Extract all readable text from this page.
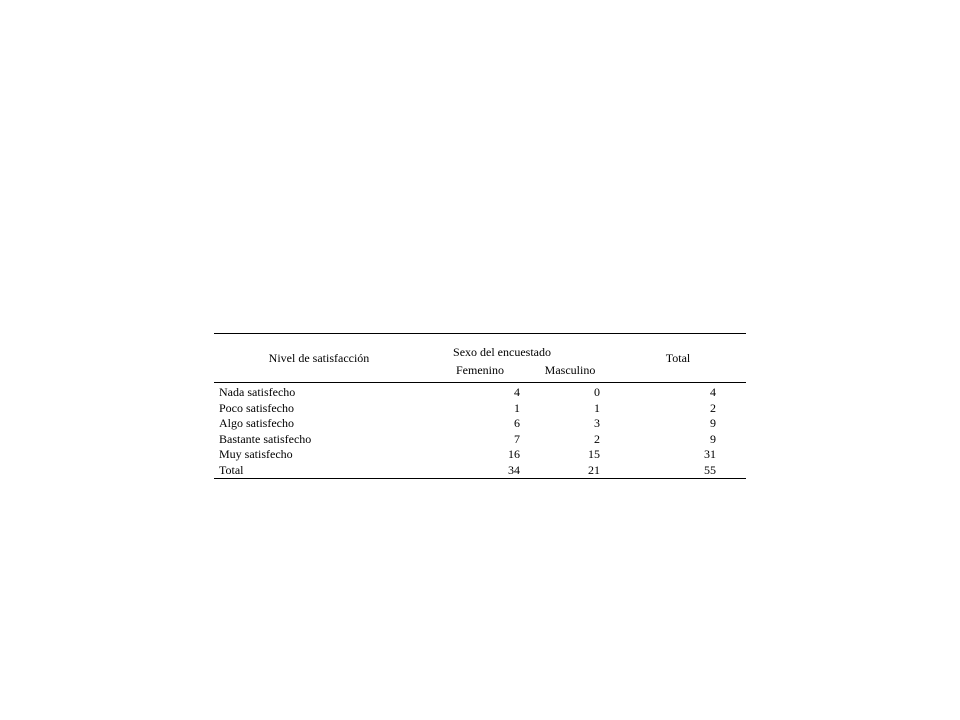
Nivel de satisfacción	Sexo del encuestado		Total
	Femenino	Masculino	
Nada satisfecho	4	0	4
Poco satisfecho	1	1	2
Algo satisfecho	6	3	9
Bastante satisfecho	7	2	9
Muy satisfecho	16	15	31
Total	34	21	55
